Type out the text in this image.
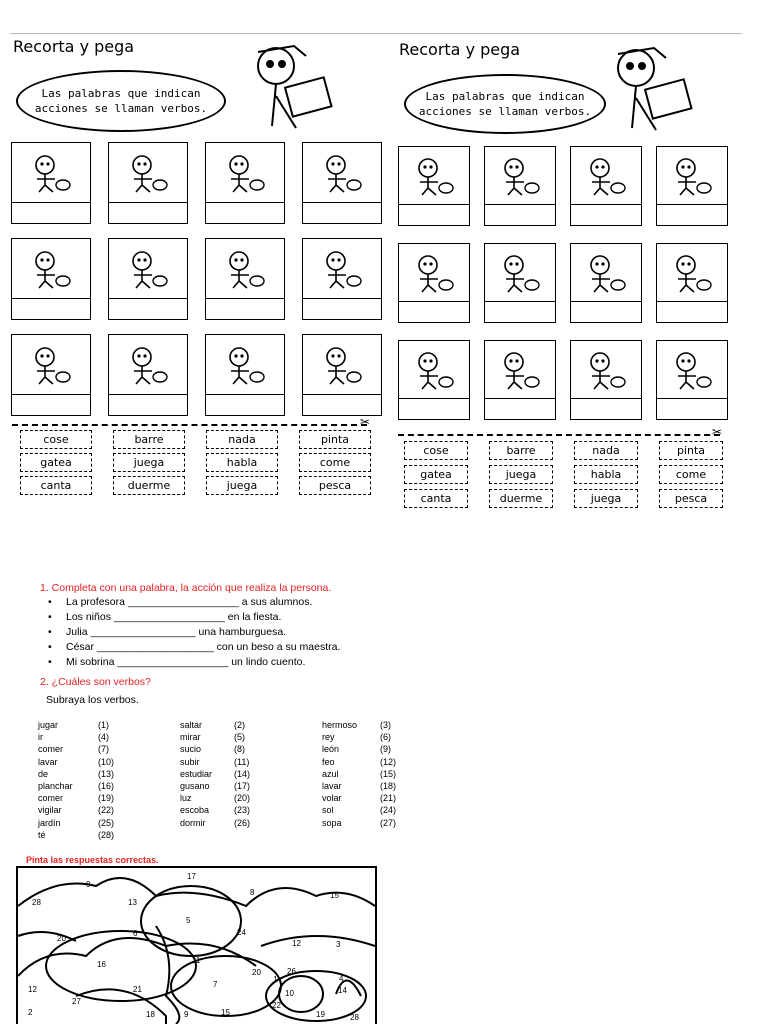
Recorta y pega
Las palabras que indican acciones se llaman verbos.
Recorta y pega
Las palabras que indican acciones se llaman verbos.
✂
✂
cose	barre	nada	pinta
gatea	juega	habla	come
canta	duerme	juega	pesca
cose	barre	nada	pinta
gatea	juega	habla	come
canta	duerme	juega	pesca
1. Completa con una palabra, la acción que realiza la persona.
• La profesora ___________________ a sus alumnos.
• Los niños ___________________ en la fiesta.
• Julia __________________ una hamburguesa.
• César ____________________ con un beso a su maestra.
• Mi sobrina ___________________ un lindo cuento.
2. ¿Cuáles son verbos?
Subraya los verbos.
jugar	(1)
ir	(4)
comer	(7)
lavar	(10)
de	(13)
planchar	(16)
comer	(19)
vigilar	(22)
jardín	(25)
té	(28)
saltar	(2)
mirar	(5)
sucio	(8)
subir	(11)
estudiar (14)
gusano	(17)
luz	(20)
escoba	(23)
dormir	(26)
hermoso	(3)
rey	(6)
león	(9)
feo	(12)
azul	(15)
lavar	(18)
volar	(21)
sol	(24)
sopa	(27)
Pinta las respuestas correctas.
9
17
28	13
8	15
5
6	24
20
12	3
16	11
7
20	26
1
10
22
4
14
12
27
21
2	18	9	15	19	28
